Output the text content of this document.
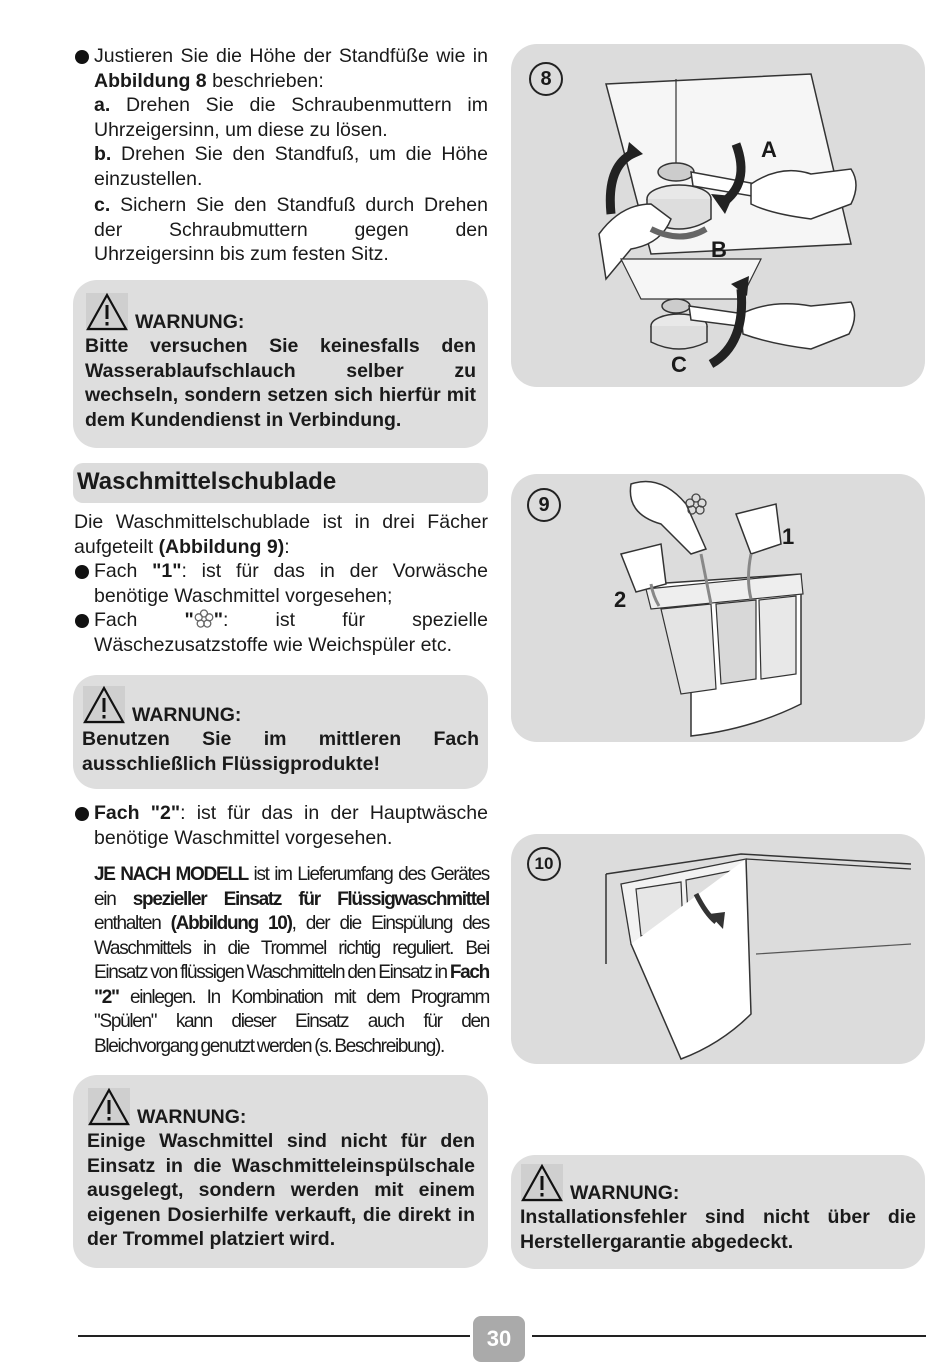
Justieren Sie die Höhe der Standfüße wie in Abbildung 8 beschrieben:

a. Drehen Sie die Schraubenmuttern im Uhrzeigersinn, um diese zu lösen.

b. Drehen Sie den Standfuß, um die Höhe einzustellen.

c. Sichern Sie den Standfuß durch Drehen der Schraubmuttern gegen den Uhrzeigersinn bis zum festen Sitz.

WARNUNG:
Bitte versuchen Sie keinesfalls den Wasserablaufschlauch selber zu wechseln, sondern setzen sich hierfür mit dem Kundendienst in Verbindung.
Waschmittelschublade

Die Waschmittelschublade ist in drei Fächer aufgeteilt (Abbildung 9):

Fach "1": ist für das in der Vorwäsche benötige Waschmittel vorgesehen;

Fach " ": ist für spezielle Wäschezusatzstoffe wie Weichspüler etc.

WARNUNG:
Benutzen Sie im mittleren Fach ausschließlich Flüssigprodukte!

Fach "2": ist für das in der Hauptwäsche benötige Waschmittel vorgesehen.

JE NACH MODELL ist im Lieferumfang des Gerätes ein spezieller Einsatz für Flüssigwaschmittel enthalten (Abbildung 10), der die Einspülung des Waschmittels in die Trommel richtig reguliert. Bei Einsatz von flüssigen Waschmitteln den Einsatz in Fach "2" einlegen. In Kombination mit dem Programm "Spülen" kann dieser Einsatz auch für den Bleichvorgang genutzt werden (s. Beschreibung).

WARNUNG:
Einige Waschmittel sind nicht für den Einsatz in die Waschmitteleinspülschale ausgelegt, sondern werden mit einem eigenen Dosierhilfe verkauft, die direkt in der Trommel platziert wird.
8
A
B
C
9
1
2
10
WARNUNG:
Installationsfehler sind nicht über die Herstellergarantie abgedeckt.
30
